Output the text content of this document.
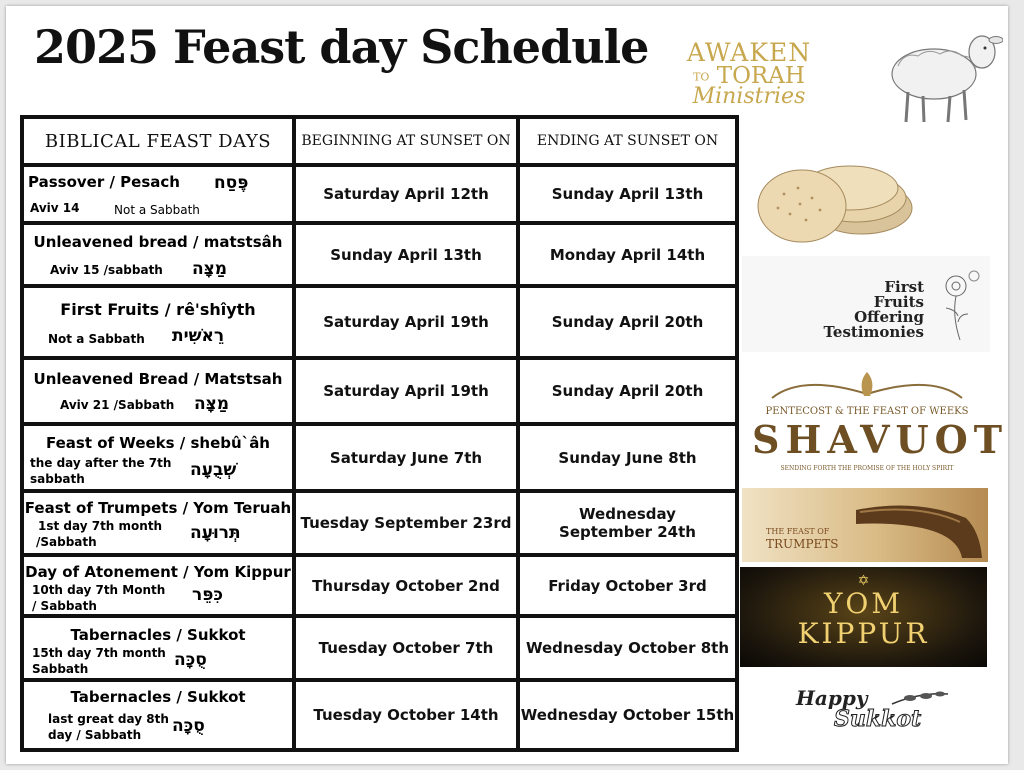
2025 Feast day Schedule	AWAKEN
TO TORAH
Ministries
First
Fruits
Offering
Testimonies
PENTECOST & THE FEAST OF WEEKS
SHAVUOT
SENDING FORTH THE PROMISE OF THE HOLY SPIRIT
THE FEAST OF
TRUMPETS
✡
YOM
KIPPUR
Happy
Sukkot
BIBLICAL FEAST DAYS	BEGINNING AT SUNSET ON	ENDING AT SUNSET ON

Passover / Pesach פֶּסַח
Aviv 14 Not a Sabbath	Saturday April 12th	Sunday April 13th

Unleavened bread / matstsâh
Aviv 15 /sabbath מַצָּה	Sunday April 13th	Monday April 14th

First Fruits / rê'shîyth
Not a Sabbath רֵאשִׁית	Saturday April 19th	Sunday April 20th

Unleavened Bread / Matstsah
Aviv 21 /Sabbath מַצָּה	Saturday April 19th	Sunday April 20th

Feast of Weeks / shebû`âh
the day after the 7th
sabbath שְׁבֻעָה	Saturday June 7th	Sunday June 8th

Feast of Trumpets / Yom Teruah
1st day 7th month
/Sabbath תְּרוּעָה	Tuesday September 23rd	Wednesday September 24th

Day of Atonement / Yom Kippur
10th day 7th Month
/ Sabbath
כִּפֵּר	Thursday October 2nd	Friday October 3rd

Tabernacles / Sukkot
15th day 7th month
Sabbath סֻכָּה	Tuesday October 7th	Wednesday October 8th

Tabernacles / Sukkot
last great day 8th
day / Sabbath סֻכָּה	Tuesday October 14th	Wednesday October 15th
